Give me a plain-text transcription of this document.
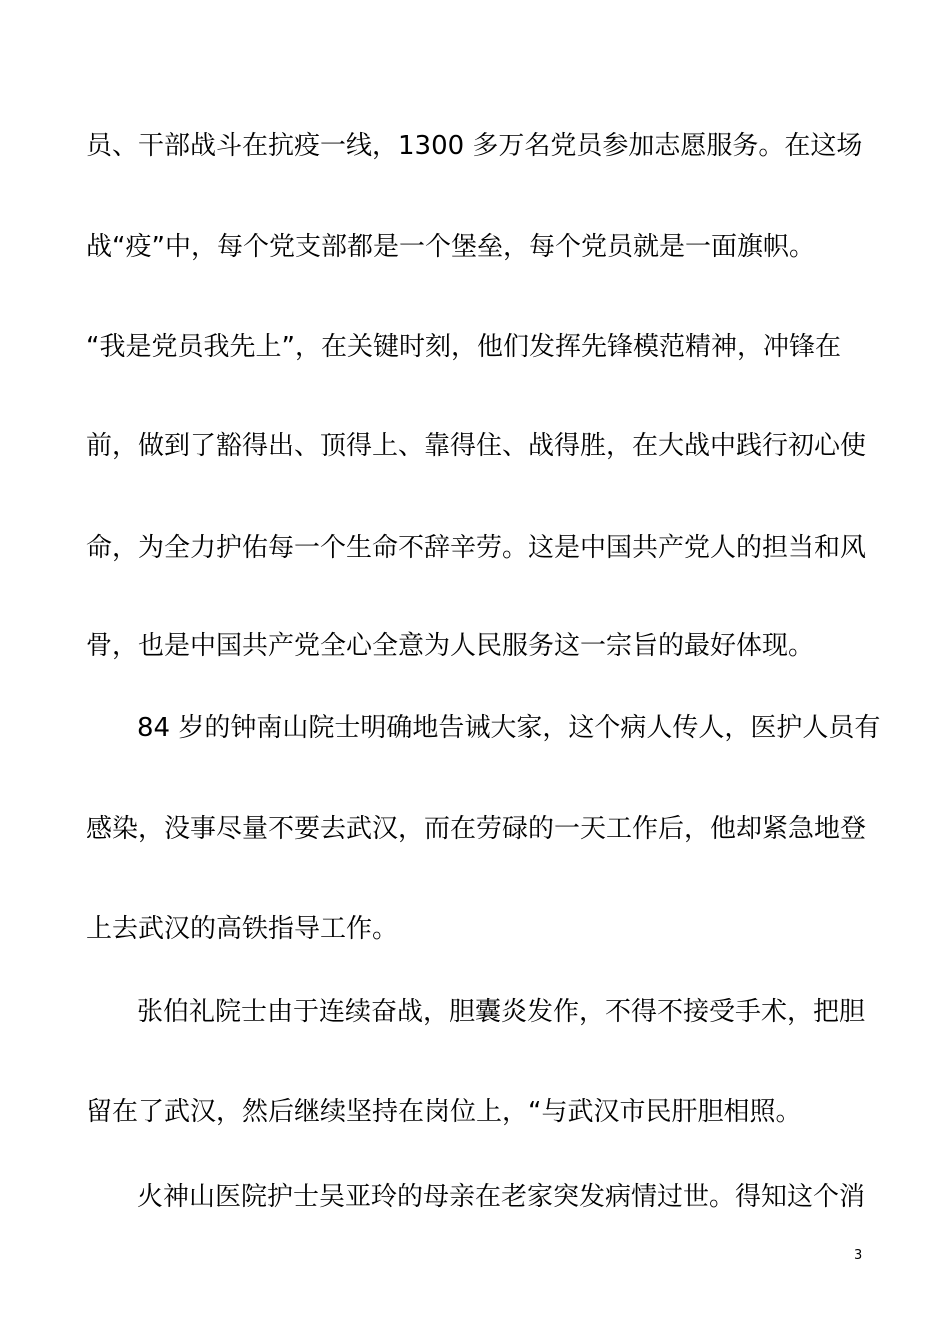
员、干部战斗在抗疫一线，1300 多万名党员参加志愿服务。在这场
战“疫”中，每个党支部都是一个堡垒，每个党员就是一面旗帜。
“我是党员我先上”，在关键时刻，他们发挥先锋模范精神，冲锋在
前，做到了豁得出、顶得上、靠得住、战得胜，在大战中践行初心使
命，为全力护佑每一个生命不辞辛劳。这是中国共产党人的担当和风
骨，也是中国共产党全心全意为人民服务这一宗旨的最好体现。
84 岁的钟南山院士明确地告诫大家，这个病人传人，医护人员有
感染，没事尽量不要去武汉，而在劳碌的一天工作后，他却紧急地登
上去武汉的高铁指导工作。
张伯礼院士由于连续奋战，胆囊炎发作，不得不接受手术，把胆
留在了武汉，然后继续坚持在岗位上，“与武汉市民肝胆相照。
火神山医院护士吴亚玲的母亲在老家突发病情过世。得知这个消
3
